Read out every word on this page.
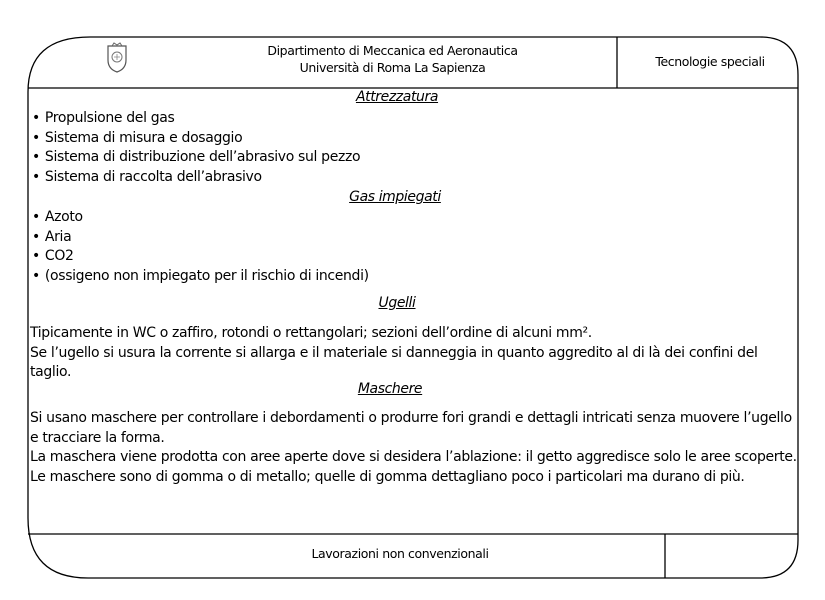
Dipartimento di Meccanica ed Aeronautica
Università di Roma La Sapienza	Tecnologie speciali
Attrezzatura
• Propulsione del gas
• Sistema di misura e dosaggio
• Sistema di distribuzione dell’abrasivo sul pezzo
• Sistema di raccolta dell’abrasivo
Gas impiegati
• Azoto
• Aria
• CO2
• (ossigeno non impiegato per il rischio di incendi)
Ugelli
Tipicamente in WC o zaffiro, rotondi o rettangolari; sezioni dell’ordine di alcuni mm².
Se l’ugello si usura la corrente si allarga e il materiale si danneggia in quanto aggredito al di là dei confini del taglio.
Maschere
Si usano maschere per controllare i debordamenti o produrre fori grandi e dettagli intricati senza muovere l’ugello e tracciare la forma.
La maschera viene prodotta con aree aperte dove si desidera l’ablazione: il getto aggredisce solo le aree scoperte.
Le maschere sono di gomma o di metallo; quelle di gomma dettagliano poco i particolari ma durano di più.
Lavorazioni non convenzionali
